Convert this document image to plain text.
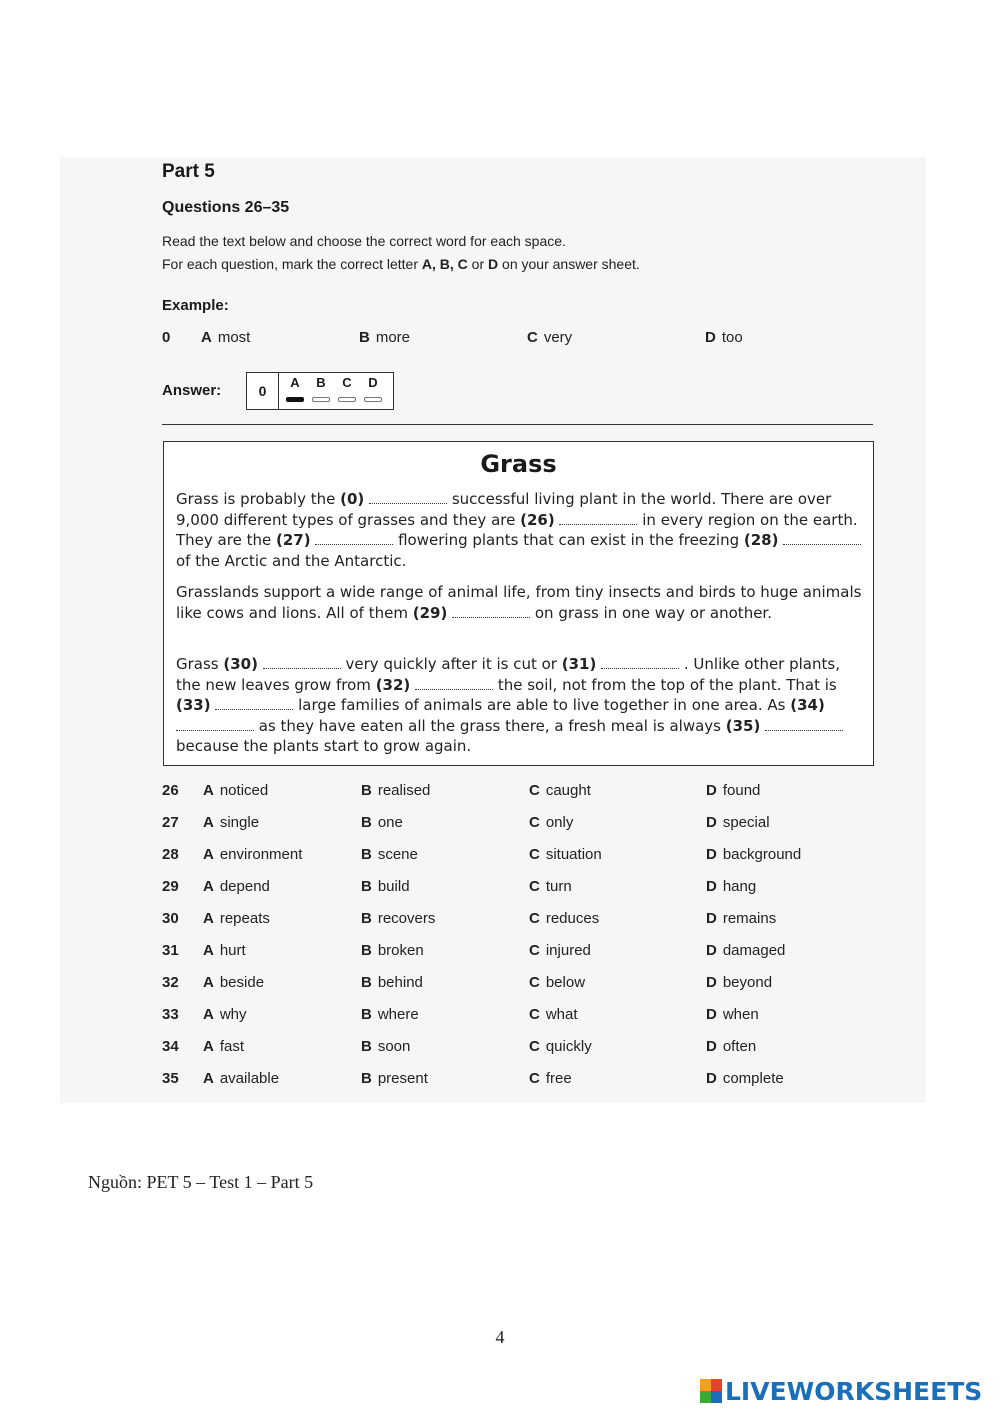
Part 5
Questions 26–35
Read the text below and choose the correct word for each space.
For each question, mark the correct letter A, B, C or D on your answer sheet.
Example:
0 A most	B more	C very	D too
Answer:	0
A	B	C	D
Grass
Grass is probably the (0)	successful living plant in the world. There are over 9,000 different types of grasses and they are (26)	in every region on the earth. They are the (27)	flowering plants that can exist in the freezing (28)  of the Arctic and the Antarctic.
Grasslands support a wide range of animal life, from tiny insects and birds to huge animals like cows and lions. All of them (29)	on grass in one way or another.
Grass (30)	very quickly after it is cut or (31)	. Unlike other plants, the new leaves grow from (32)	the soil, not from the top of the plant. That is (33)	large families of animals are able to live together in one area. As (34)  as they have eaten all the grass there, a fresh meal is always (35)  because the plants start to grow again.
26 A noticed	B realised	C caught	D found
27 A single	B one	C only	D special
28 A environment	B scene	C situation	D background
29 A depend	B build	C turn	D hang
30 A repeats	B recovers	C reduces	D remains
31 A hurt	B broken	C injured	D damaged
32 A beside	B behind	C below	D beyond
33 A why	B where	C what	D when
34 A fast	B soon	C quickly	D often
35 A available	B present	C free	D complete
Nguồn: PET 5 – Test 1 – Part 5
4
LIVEWORKSHEETS
